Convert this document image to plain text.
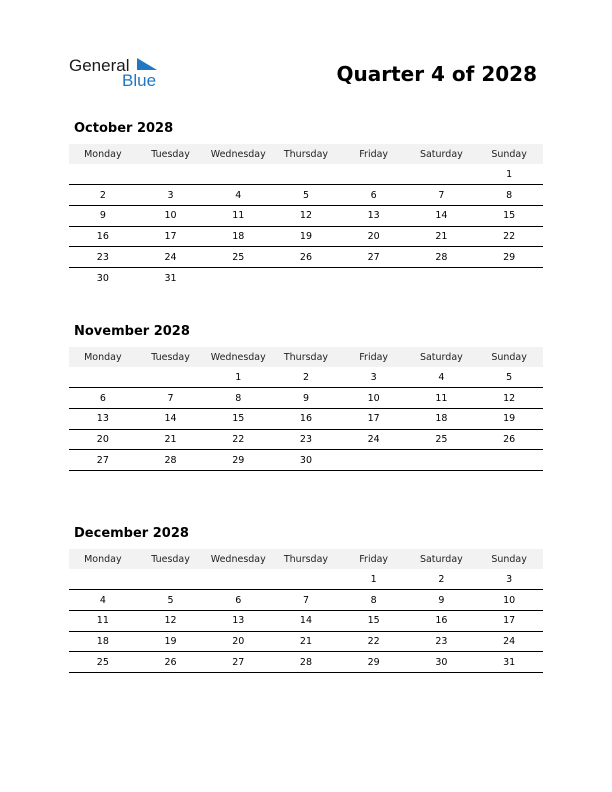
General
Blue	Quarter 4 of 2028
October 2028
Monday	Tuesday	Wednesday	Thursday	Friday	Saturday	Sunday
						1
2	3	4	5	6	7	8
9	10	11	12	13	14	15
16	17	18	19	20	21	22
23	24	25	26	27	28	29
30	31					
November 2028
Monday	Tuesday	Wednesday	Thursday	Friday	Saturday	Sunday
		1	2	3	4	5
6	7	8	9	10	11	12
13	14	15	16	17	18	19
20	21	22	23	24	25	26
27	28	29	30			
December 2028
Monday	Tuesday	Wednesday	Thursday	Friday	Saturday	Sunday
				1	2	3
4	5	6	7	8	9	10
11	12	13	14	15	16	17
18	19	20	21	22	23	24
25	26	27	28	29	30	31
